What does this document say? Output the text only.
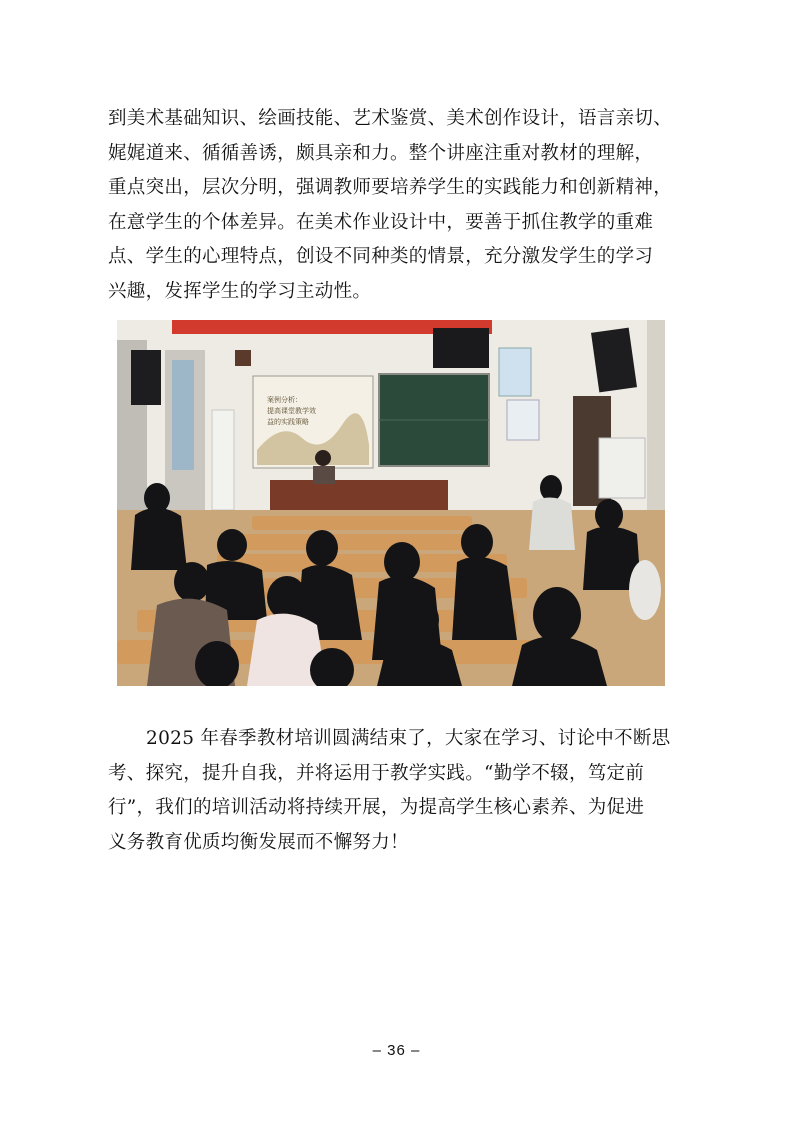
到美术基础知识、绘画技能、艺术鉴赏、美术创作设计，语言亲切、
娓娓道来、循循善诱，颇具亲和力。整个讲座注重对教材的理解，
重点突出，层次分明，强调教师要培养学生的实践能力和创新精神，
在意学生的个体差异。在美术作业设计中，要善于抓住教学的重难
点、学生的心理特点，创设不同种类的情景，充分激发学生的学习
兴趣，发挥学生的学习主动性。
案例分析：
提高课堂教学效
益的实践策略
2025 年春季教材培训圆满结束了，大家在学习、讨论中不断思
考、探究，提升自我，并将运用于教学实践。“勤学不辍，笃定前
行”，我们的培训活动将持续开展，为提高学生核心素养、为促进
义务教育优质均衡发展而不懈努力！
– 36 –
